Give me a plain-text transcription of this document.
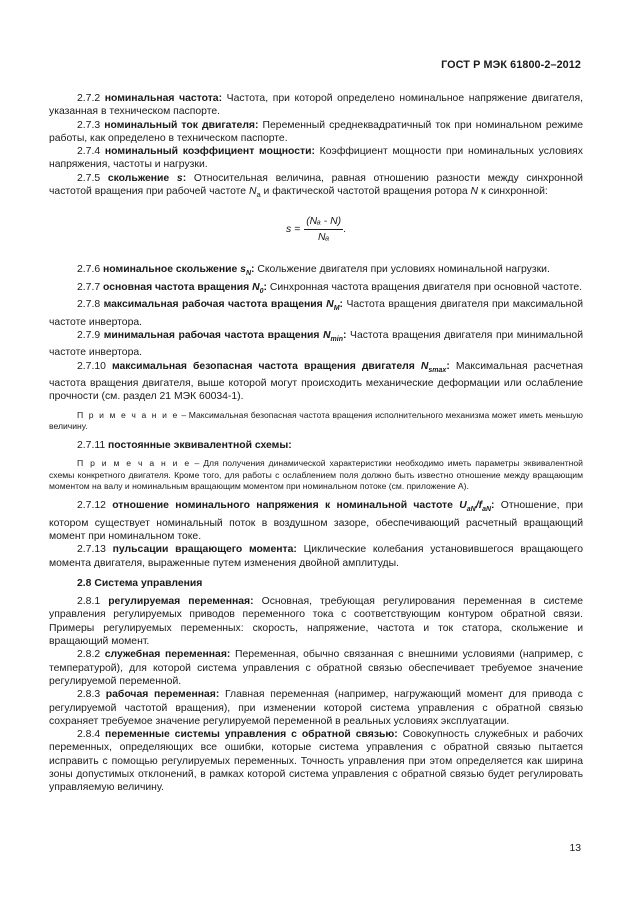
ГОСТ Р МЭК 61800-2–2012

2.7.2 номинальная частота: Частота, при которой определено номинальное напряжение двигателя, указанная в техническом паспорте.

2.7.3 номинальный ток двигателя: Переменный среднеквадратичный ток при номинальном режиме работы, как определено в техническом паспорте.

2.7.4 номинальный коэффициент мощности: Коэффициент мощности при номинальных условиях напряжения, частоты и нагрузки.

2.7.5 скольжение s: Относительная величина, равная отношению разности между синхронной частотой вращения при рабочей частоте $N_a$ и фактической частотой вращения ротора N к синхронной:

$s = \frac{\text{(Nₐ - N)}}{\text{Nₐ}}$ .

2.7.6 номинальное скольжение $s_N$: Скольжение двигателя при условиях номинальной нагрузки.

2.7.7 основная частота вращения $N_0$: Синхронная частота вращения двигателя при основной частоте.

2.7.8 максимальная рабочая частота вращения $N_M$: Частота вращения двигателя при максимальной частоте инвертора.

2.7.9 минимальная рабочая частота вращения $N_{min}$: Частота вращения двигателя при минимальной частоте инвертора.

2.7.10 максимальная безопасная частота вращения двигателя $N_{smax}$: Максимальная расчетная частота вращения двигателя, выше которой могут происходить механические деформации или ослабление прочности (см. раздел 21 МЭК 60034-1).

П р и м е ч а н и е – Максимальная безопасная частота вращения исполнительного механизма может иметь меньшую величину.

2.7.11 постоянные эквивалентной схемы:

П р и м е ч а н и е – Для получения динамической характеристики необходимо иметь параметры эквивалентной схемы конкретного двигателя. Кроме того, для работы с ослаблением поля должно быть известно отношение между вращающим моментом на валу и номинальным вращающим моментом при номинальном потоке (см. приложение А).

2.7.12 отношение номинального напряжения к номинальной частоте $U_{aN}/f_{aN}$: Отношение, при котором существует номинальный поток в воздушном зазоре, обеспечивающий расчетный вращающий момент при номинальном токе.

2.7.13 пульсации вращающего момента: Циклические колебания установившегося вращающего момента двигателя, выраженные путем изменения двойной амплитуды.

2.8 Система управления

2.8.1 регулируемая переменная: Основная, требующая регулирования переменная в системе управления регулируемых приводов переменного тока с соответствующим контуром обратной связи. Примеры регулируемых переменных: скорость, напряжение, частота и ток статора, скольжение и вращающий момент.

2.8.2 служебная переменная: Переменная, обычно связанная с внешними условиями (например, с температурой), для которой система управления с обратной связью обеспечивает требуемое значение регулируемой переменной.

2.8.3 рабочая переменная: Главная переменная (например, нагружающий момент для привода с регулируемой частотой вращения), при изменении которой система управления с обратной связью сохраняет требуемое значение регулируемой переменной в реальных условиях эксплуатации.

2.8.4 переменные системы управления с обратной связью: Совокупность служебных и рабочих переменных, определяющих все ошибки, которые система управления с обратной связью пытается исправить с помощью регулируемых переменных. Точность управления при этом определяется как ширина зоны допустимых отклонений, в рамках которой система управления с обратной связью будет регулировать управляемую величину.

13
